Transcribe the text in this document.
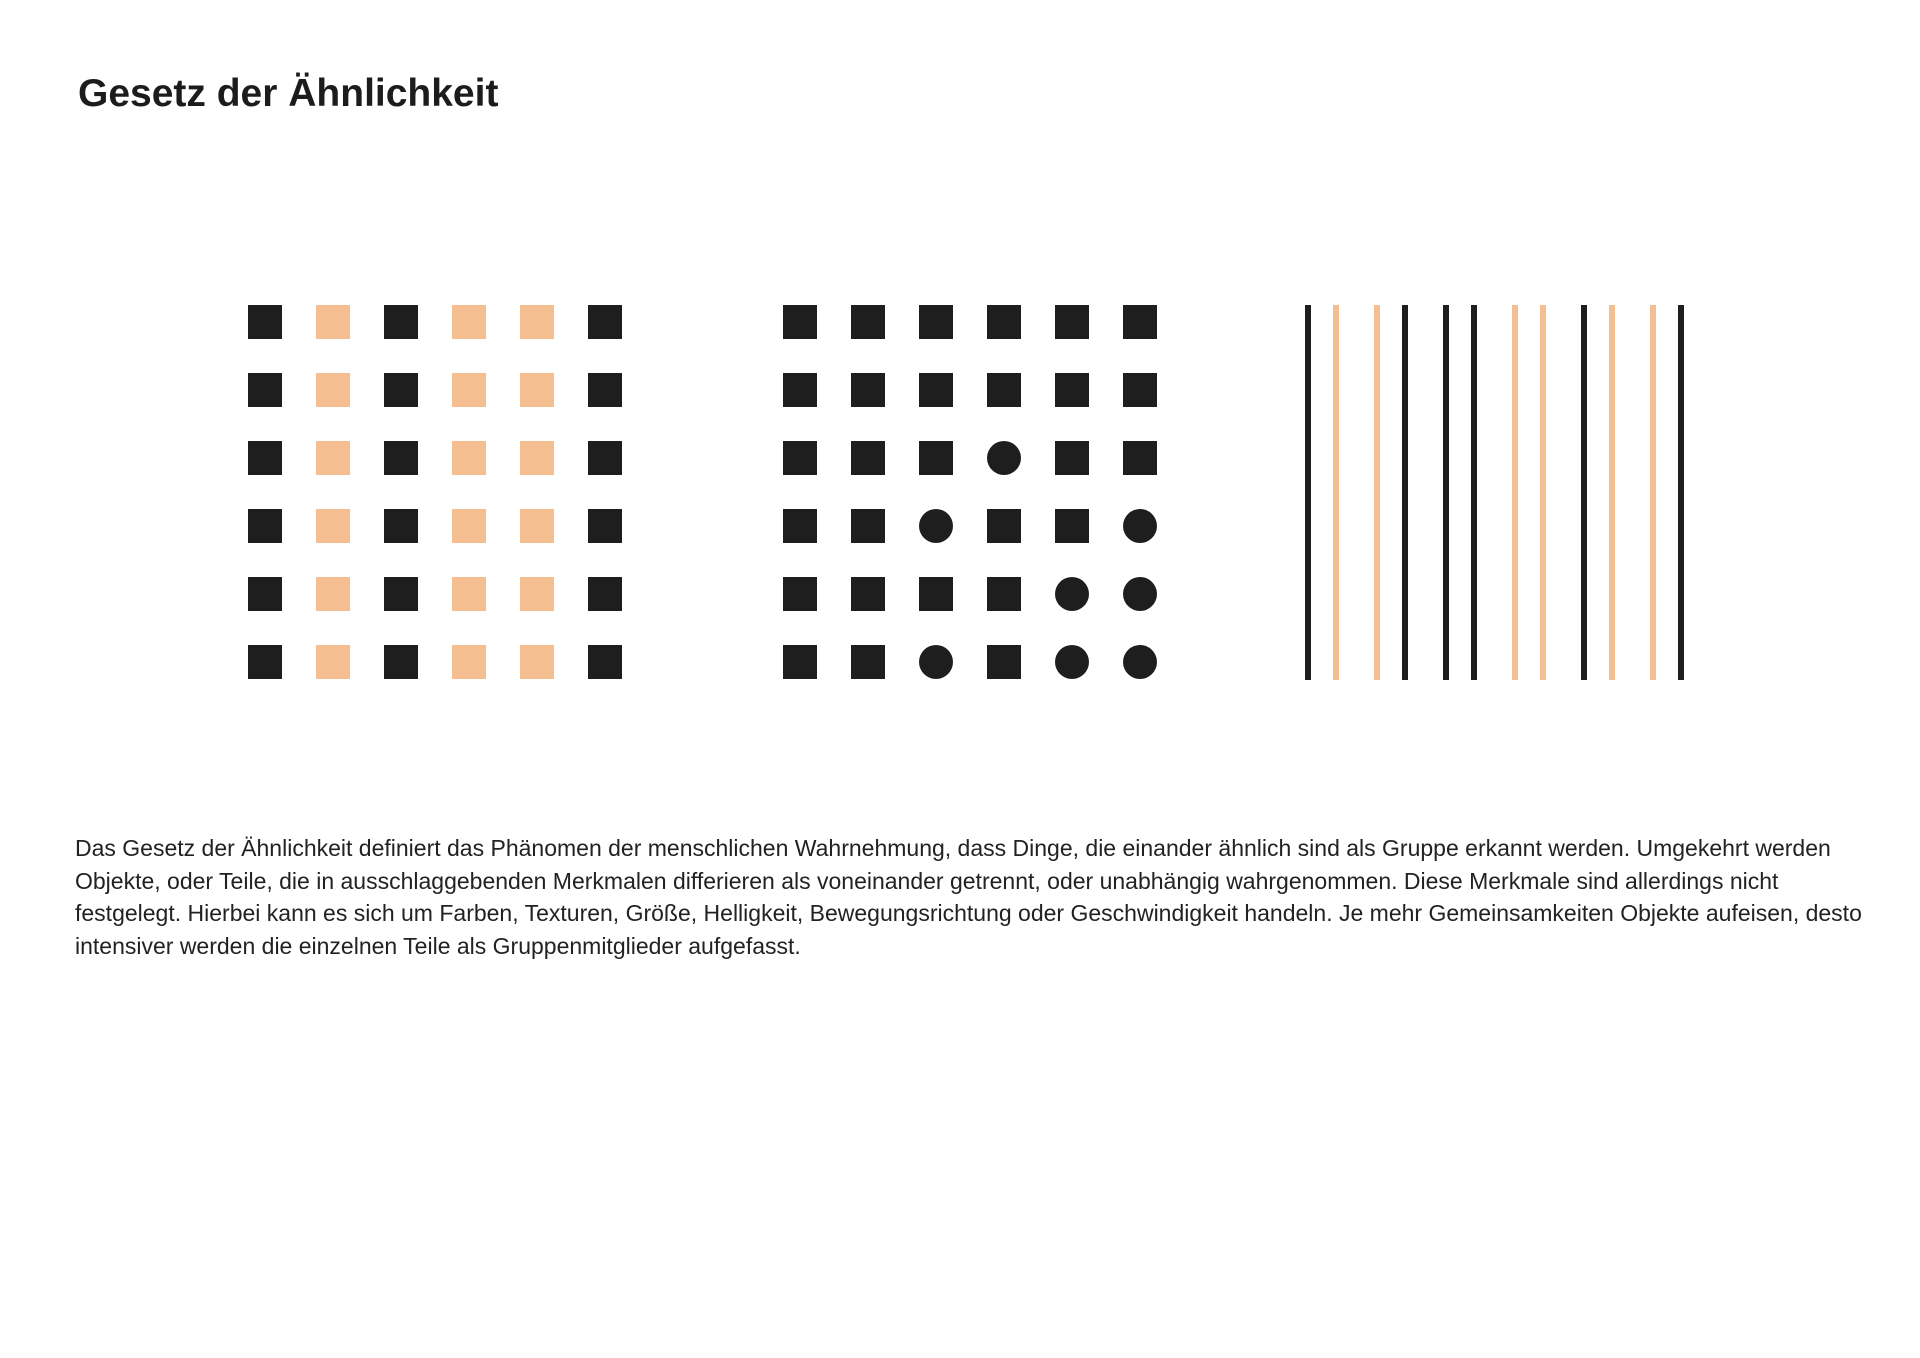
Gesetz der Ähnlichkeit

Das Gesetz der Ähnlichkeit definiert das Phänomen der menschlichen Wahrnehmung, dass Dinge, die einander ähnlich sind als Gruppe erkannt werden. Umgekehrt werden Objekte, oder Teile, die in ausschlaggebenden Merkmalen differieren als voneinander getrennt, oder unabhängig wahrgenommen. Diese Merkmale sind allerdings nicht festgelegt. Hierbei kann es sich um Farben, Texturen, Größe, Helligkeit, Bewegungsrichtung oder Geschwindigkeit handeln. Je mehr Gemeinsamkeiten Objekte aufeisen, desto intensiver werden die einzelnen Teile als Gruppenmitglieder aufgefasst.
